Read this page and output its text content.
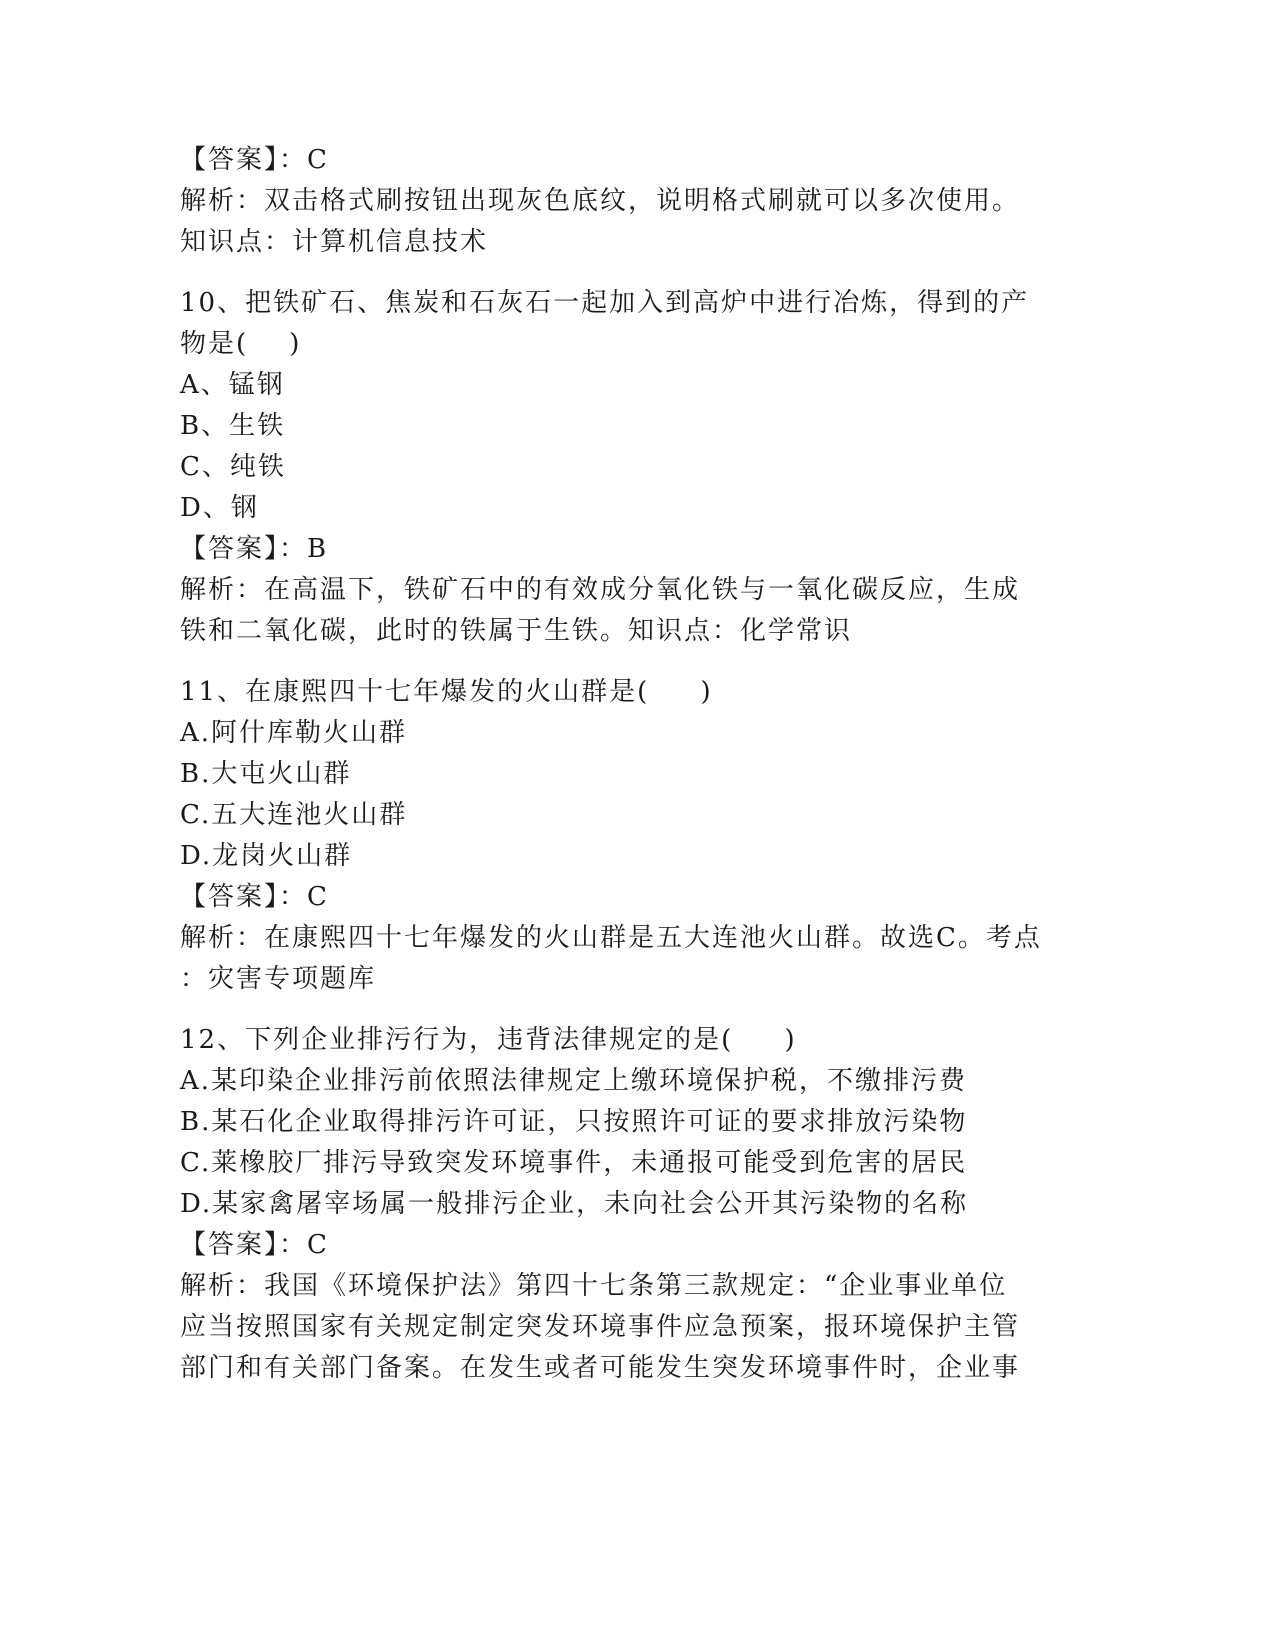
【答案】：C
解析：双击格式刷按钮出现灰色底纹，说明格式刷就可以多次使用。
知识点：计算机信息技术
10、把铁矿石、焦炭和石灰石一起加入到高炉中进行冶炼，得到的产
物是(    )
A、锰钢
B、生铁
C、纯铁
D、钢
【答案】：B
解析：在高温下，铁矿石中的有效成分氧化铁与一氧化碳反应，生成
铁和二氧化碳，此时的铁属于生铁。知识点：化学常识
11、在康熙四十七年爆发的火山群是(     )
A.阿什库勒火山群
B.大屯火山群
C.五大连池火山群
D.龙岗火山群
【答案】：C
解析：在康熙四十七年爆发的火山群是五大连池火山群。故选C。考点
：灾害专项题库
12、下列企业排污行为，违背法律规定的是(     )
A.某印染企业排污前依照法律规定上缴环境保护税，不缴排污费
B.某石化企业取得排污许可证，只按照许可证的要求排放污染物
C.莱橡胶厂排污导致突发环境事件，未通报可能受到危害的居民
D.某家禽屠宰场属一般排污企业，未向社会公开其污染物的名称
【答案】：C
解析：我国《环境保护法》第四十七条第三款规定：“企业事业单位
应当按照国家有关规定制定突发环境事件应急预案，报环境保护主管
部门和有关部门备案。在发生或者可能发生突发环境事件时，企业事
